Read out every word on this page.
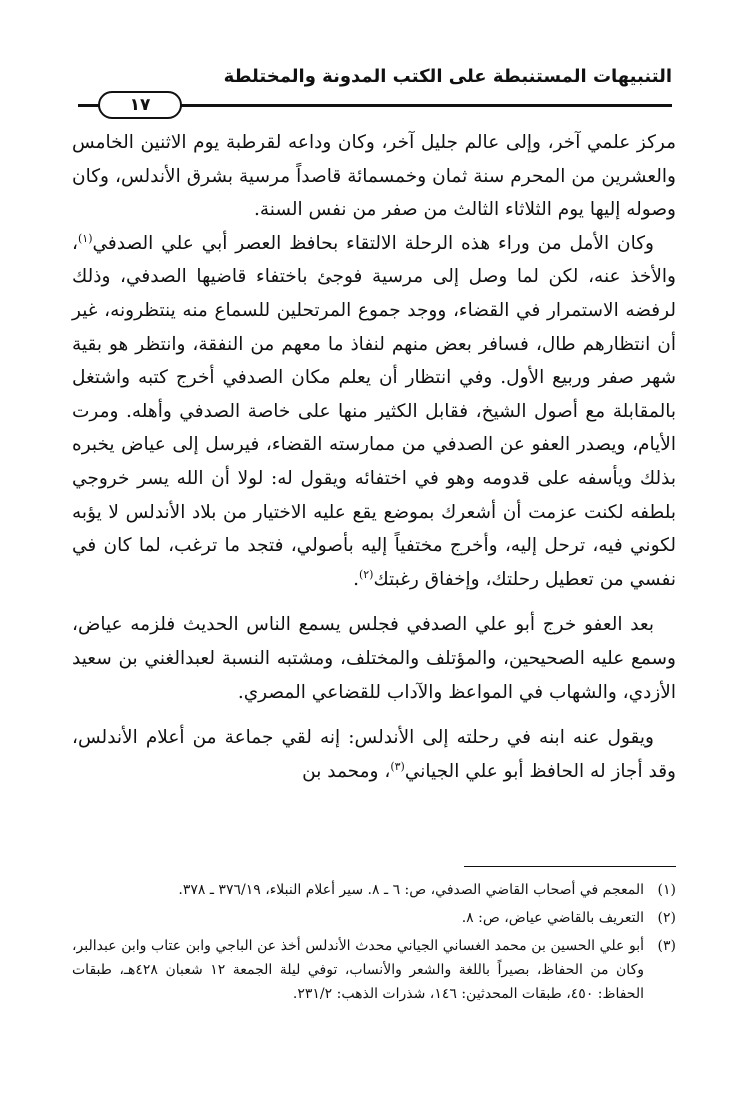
التنبيهات المستنبطة على الكتب المدونة والمختلطة
١٧

مركز علمي آخر، وإلى عالم جليل آخر، وكان وداعه لقرطبة يوم الاثنين الخامس والعشرين من المحرم سنة ثمان وخمسمائة قاصداً مرسية بشرق الأندلس، وكان وصوله إليها يوم الثلاثاء الثالث من صفر من نفس السنة.

وكان الأمل من وراء هذه الرحلة الالتقاء بحافظ العصر أبي علي الصدفي$^{(١)}$، والأخذ عنه، لكن لما وصل إلى مرسية فوجئ باختفاء قاضيها الصدفي، وذلك لرفضه الاستمرار في القضاء، ووجد جموع المرتحلين للسماع منه ينتظرونه، غير أن انتظارهم طال، فسافر بعض منهم لنفاذ ما معهم من النفقة، وانتظر هو بقية شهر صفر وربيع الأول. وفي انتظار أن يعلم مكان الصدفي أخرج كتبه واشتغل بالمقابلة مع أصول الشيخ، فقابل الكثير منها على خاصة الصدفي وأهله. ومرت الأيام، ويصدر العفو عن الصدفي من ممارسته القضاء، فيرسل إلى عياض يخبره بذلك ويأسفه على قدومه وهو في اختفائه ويقول له: لولا أن الله يسر خروجي بلطفه لكنت عزمت أن أشعرك بموضع يقع عليه الاختيار من بلاد الأندلس لا يؤبه لكوني فيه، ترحل إليه، وأخرج مختفياً إليه بأصولي، فتجد ما ترغب، لما كان في نفسي من تعطيل رحلتك، وإخفاق رغبتك$^{(٢)}$.

بعد العفو خرج أبو علي الصدفي فجلس يسمع الناس الحديث فلزمه عياض، وسمع عليه الصحيحين، والمؤتلف والمختلف، ومشتبه النسبة لعبدالغني بن سعيد الأزدي، والشهاب في المواعظ والآداب للقضاعي المصري.

ويقول عنه ابنه في رحلته إلى الأندلس: إنه لقي جماعة من أعلام الأندلس، وقد أجاز له الحافظ أبو علي الجياني$^{(٣)}$، ومحمد بن

(١)
المعجم في أصحاب القاضي الصدفي، ص: ٦ ـ ٨. سير أعلام النبلاء، ٣٧٦/١٩ ـ ٣٧٨.
(٢)
التعريف بالقاضي عياض، ص: ٨.
(٣)
أبو علي الحسين بن محمد الغساني الجياني محدث الأندلس أخذ عن الباجي وابن عتاب وابن عبدالبر، وكان من الحفاظ، بصيراً باللغة والشعر والأنساب، توفي ليلة الجمعة ١٢ شعبان ٤٢٨هـ، طبقات الحفاظ: ٤٥٠، طبقات المحدثين: ١٤٦، شذرات الذهب: ٢٣١/٢.
